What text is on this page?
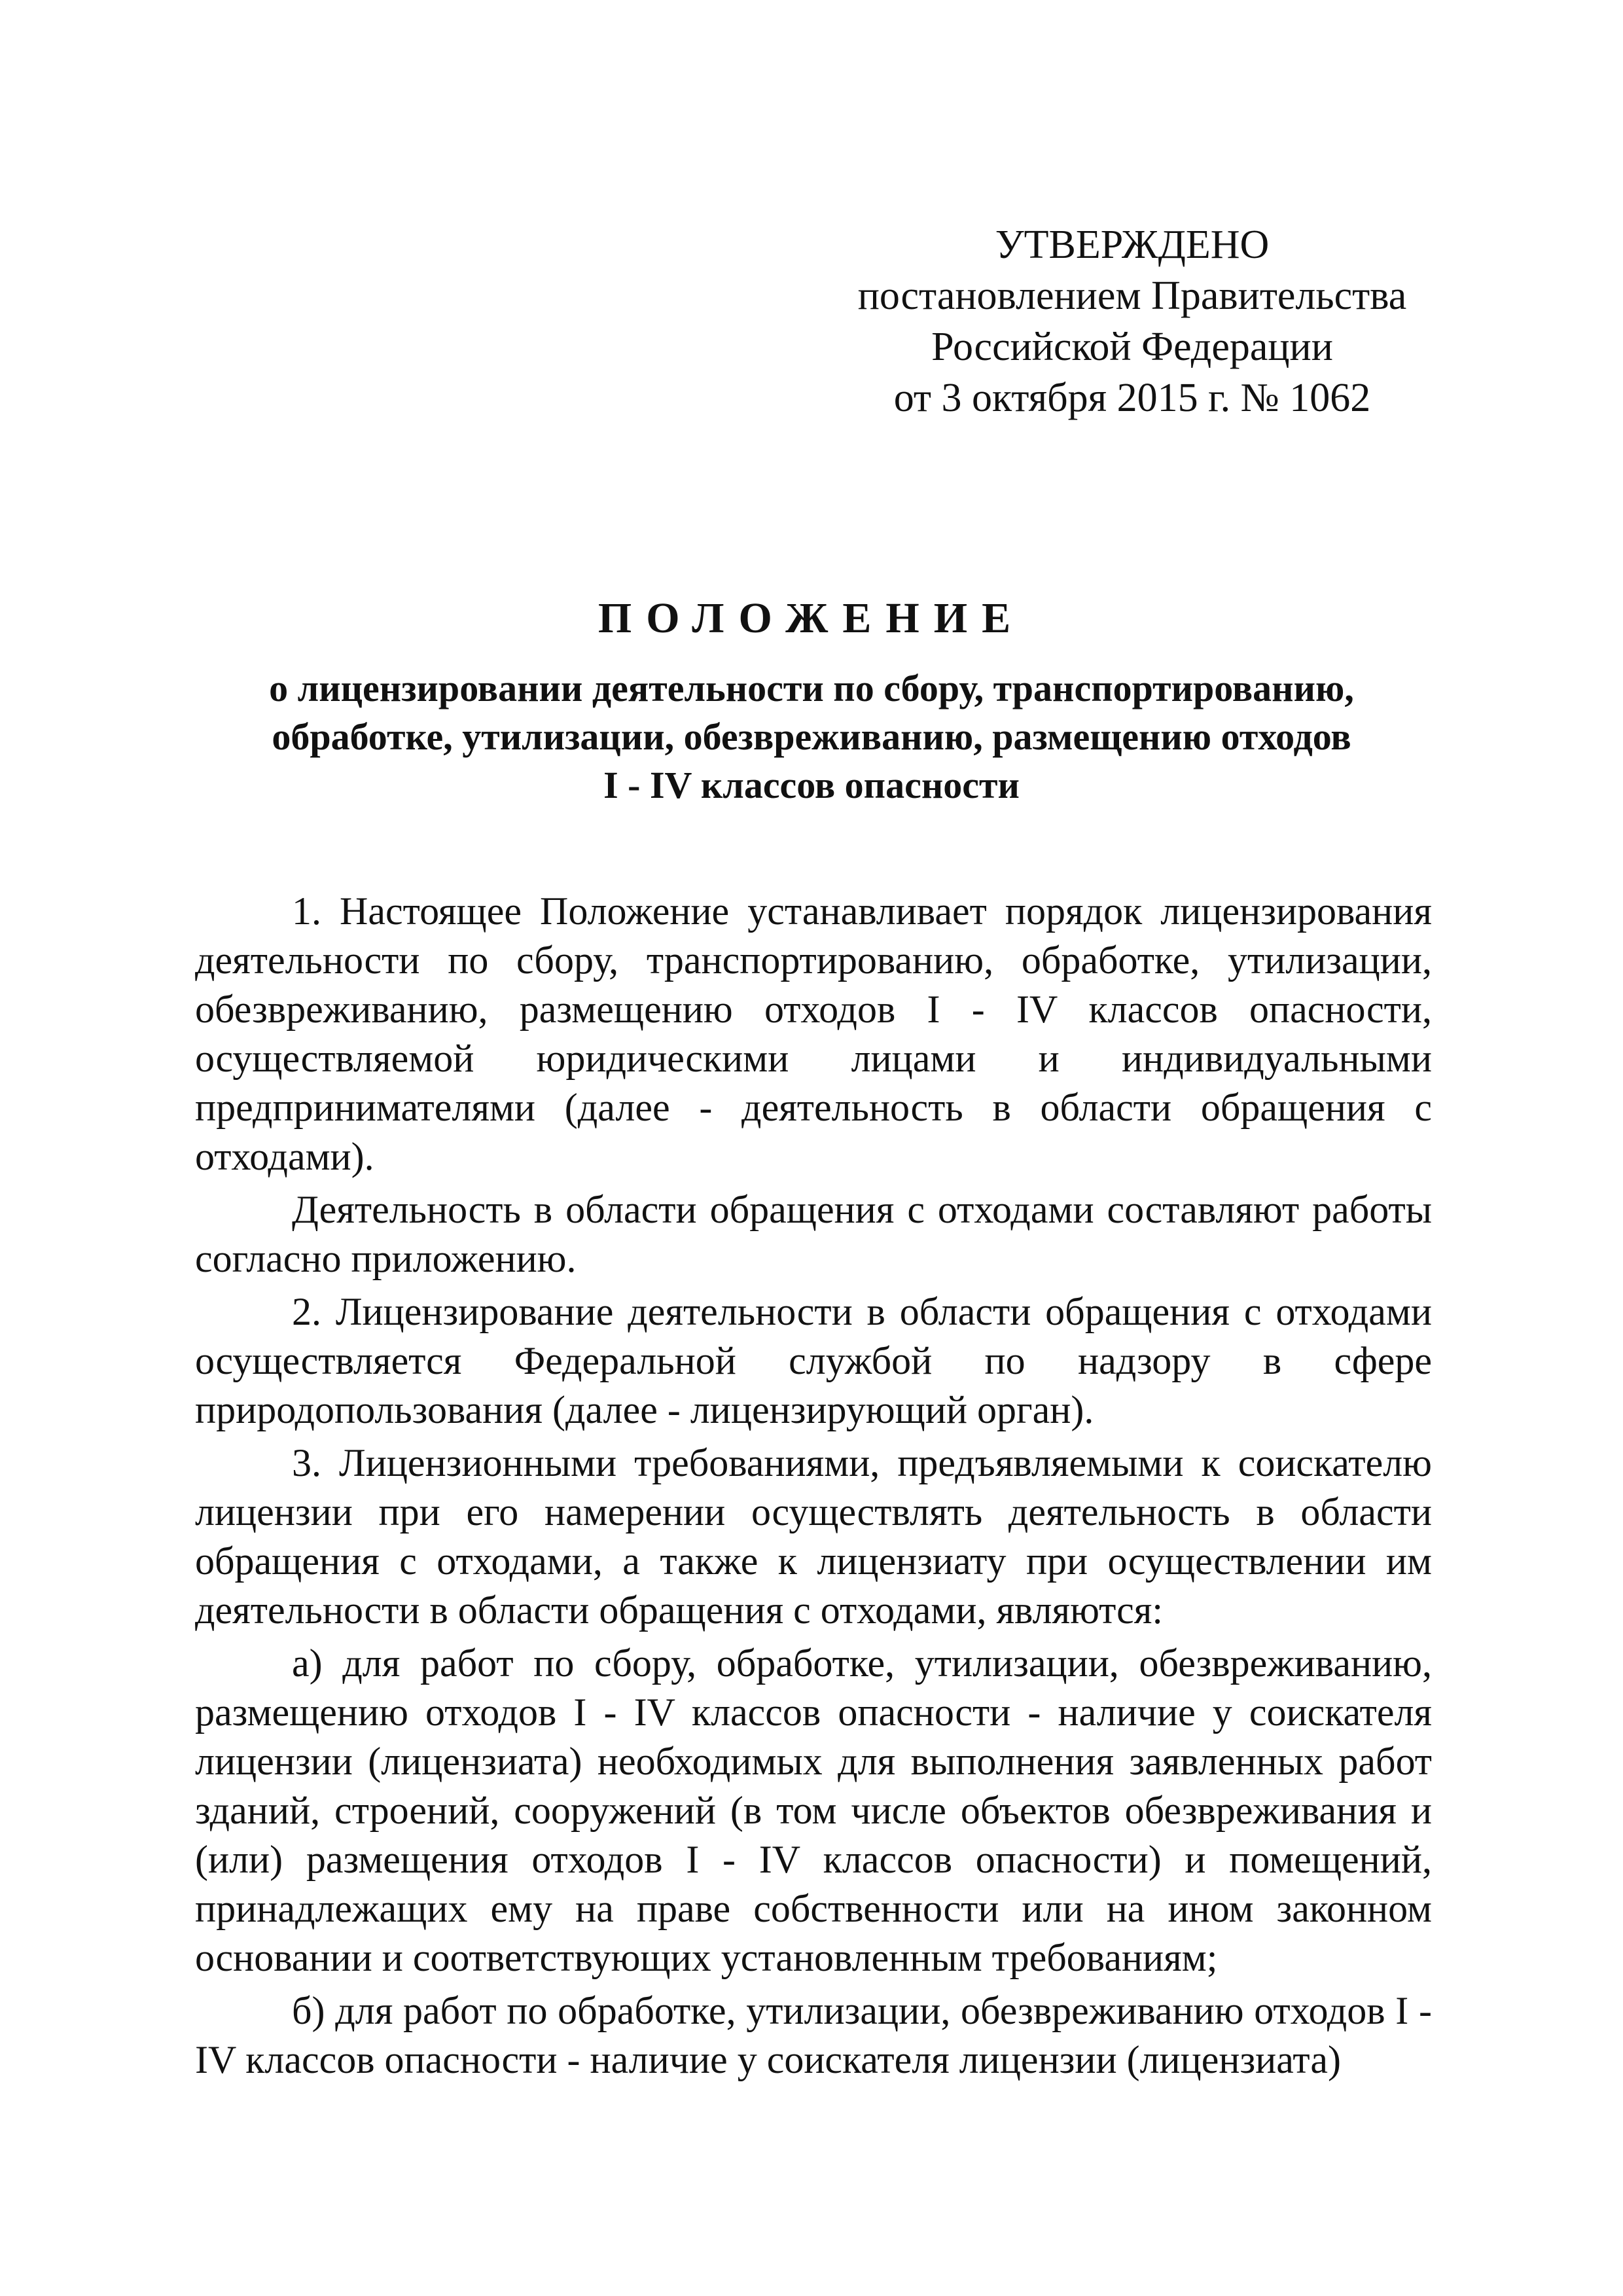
УТВЕРЖДЕНО
постановлением Правительства
Российской Федерации
от 3 октября 2015 г. № 1062
ПОЛОЖЕНИЕ
о лицензировании деятельности по сбору, транспортированию,
обработке, утилизации, обезвреживанию, размещению отходов
I - IV классов опасности

1. Настоящее Положение устанавливает порядок лицензирования деятельности по сбору, транспортированию, обработке, утилизации, обезвреживанию, размещению отходов I - IV классов опасности, осуществляемой юридическими лицами и индивидуальными предпринимателями (далее - деятельность в области обращения с отходами).

Деятельность в области обращения с отходами составляют работы согласно приложению.

2. Лицензирование деятельности в области обращения с отходами осуществляется Федеральной службой по надзору в сфере природопользования (далее - лицензирующий орган).

3. Лицензионными требованиями, предъявляемыми к соискателю лицензии при его намерении осуществлять деятельность в области обращения с отходами, а также к лицензиату при осуществлении им деятельности в области обращения с отходами, являются:

а) для работ по сбору, обработке, утилизации, обезвреживанию, размещению отходов I - IV классов опасности - наличие у соискателя лицензии (лицензиата) необходимых для выполнения заявленных работ зданий, строений, сооружений (в том числе объектов обезвреживания и (или) размещения отходов I - IV классов опасности) и помещений, принадлежащих ему на праве собственности или на ином законном основании и соответствующих установленным требованиям;

б) для работ по обработке, утилизации, обезвреживанию отходов I - IV классов опасности - наличие у соискателя лицензии (лицензиата)
